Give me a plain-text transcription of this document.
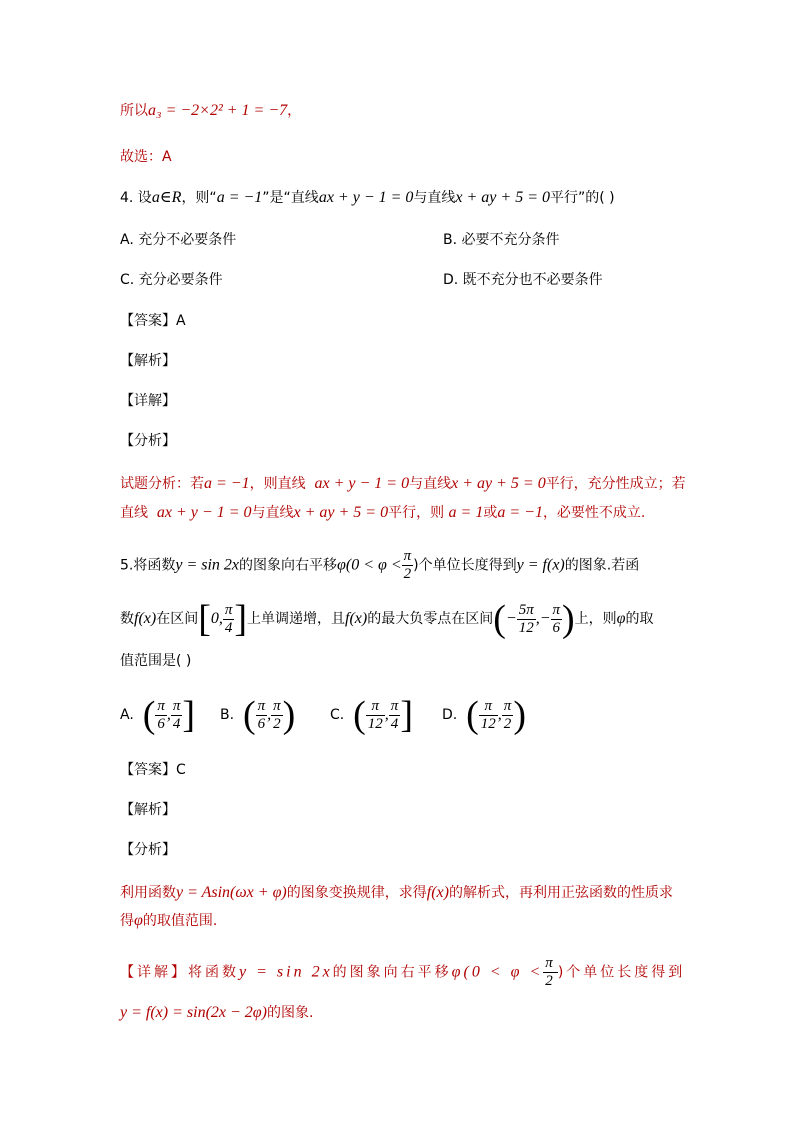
所以a₃ = −2×2² + 1 = −7，
故选：A
4. 设a∈R，则“a = −1”是“直线ax + y − 1 = 0与直线x + ay + 5 = 0平行”的( )
A. 充分不必要条件	B. 必要不充分条件
C. 充分必要条件	D. 既不充分也不必要条件
【答案】A
【解析】
【详解】
【分析】
试题分析：若a = −1，则直线 ax + y − 1 = 0与直线x + ay + 5 = 0平行，充分性成立；若
直线 ax + y − 1 = 0与直线x + ay + 5 = 0平行，则 a = 1或a = −1，必要性不成立.
5.将函数y = sin 2x的图象向右平移$\varphi(0 < \varphi < \frac{\pi}{2}$ )个单位长度得到y = f(x)的图象.若函
数f(x)在区间[0, $\frac{\pi}{4}$ ]上单调递增，且f(x)的最大负零点在区间(− $\frac{5\pi}{12}$ ,− $\frac{\pi}{6}$ )上，则φ的取
值范围是( )
A. ( $\frac{\pi}{6}$ , $\frac{\pi}{4}$ ] B. ( $\frac{\pi}{6}$ , $\frac{\pi}{2}$ ) C. ( $\frac{\pi}{12}$ , $\frac{\pi}{4}$ ] D. ( $\frac{\pi}{12}$ , $\frac{\pi}{2}$ )
【答案】C
【解析】
【分析】
利用函数y = Asin(ωx + φ)的图象变换规律，求得f(x)的解析式，再利用正弦函数的性质求
得φ的取值范围.
【详解】将函数y = sin 2x的图象向右平移$\varphi(0 < \varphi < \frac{\pi}{2}$ )个单位长度得到
y = f(x) = sin(2x − 2φ)的图象.
